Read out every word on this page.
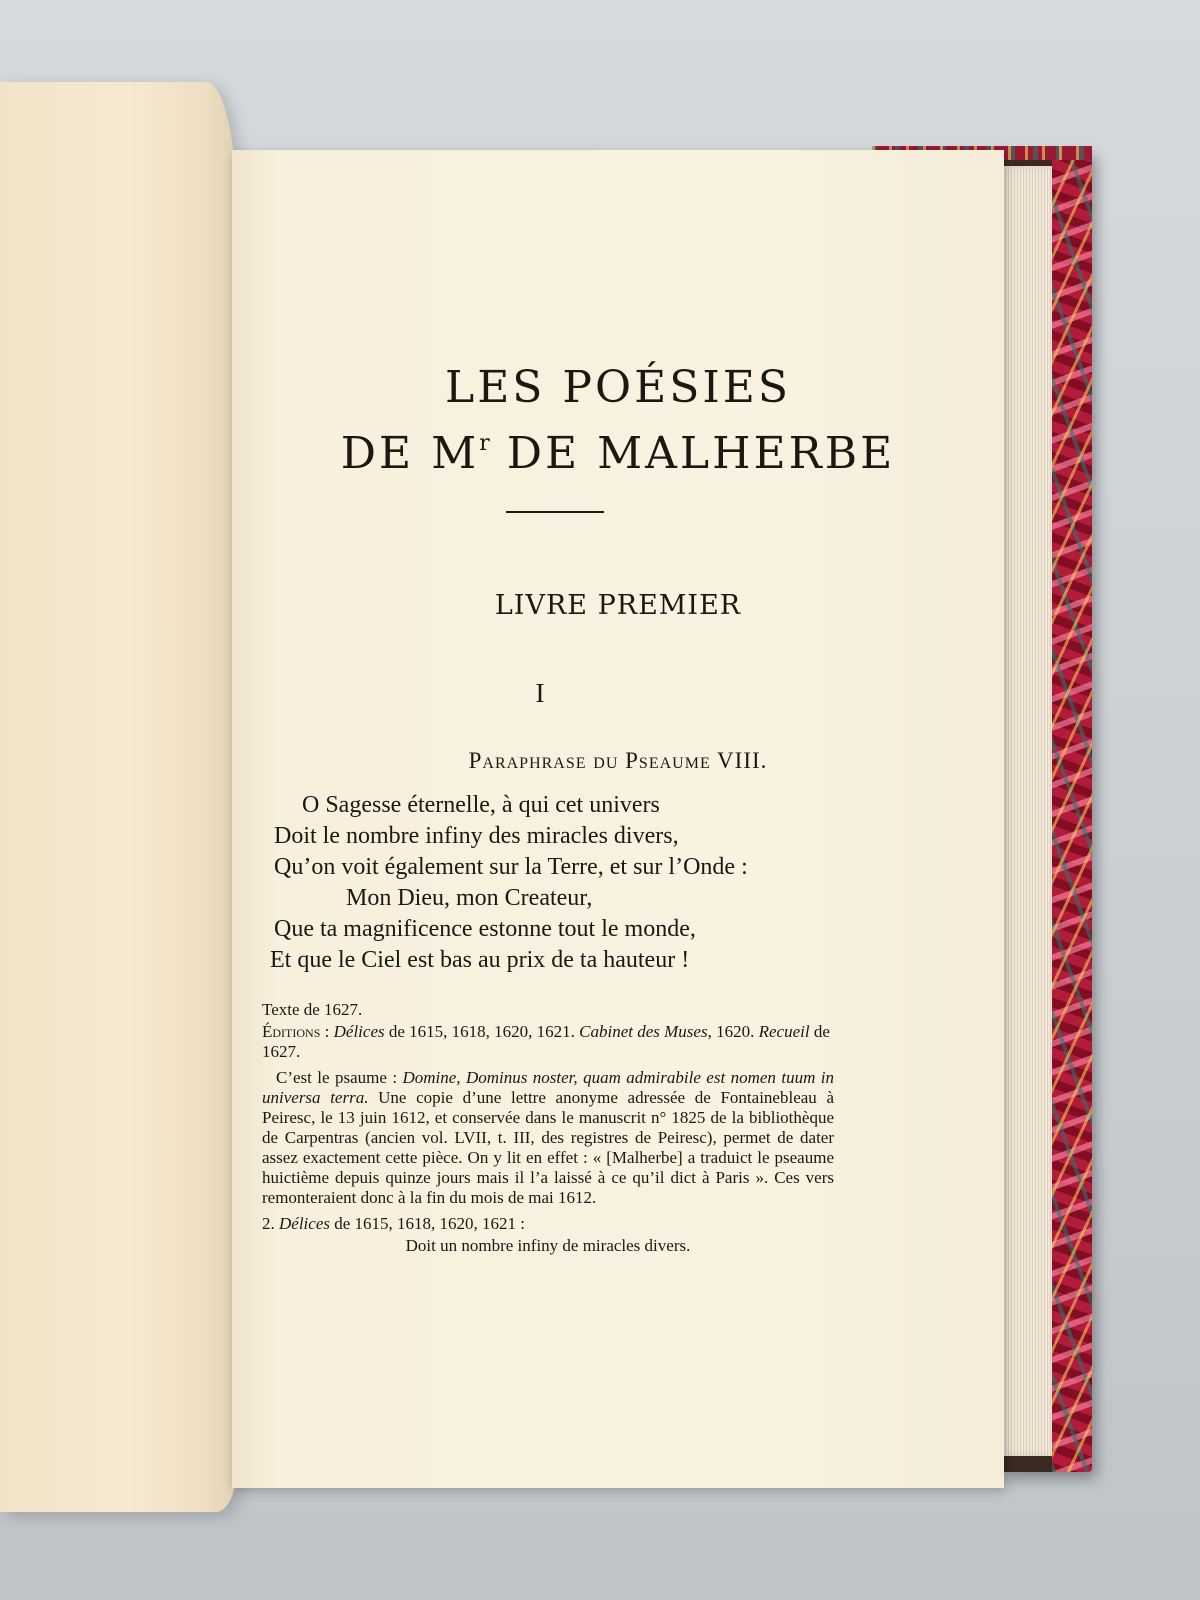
LES POÉSIES
DE $M^r$ DE MALHERBE
LIVRE PREMIER
I
Paraphrase du Pseaume VIII.
O Sagesse éternelle, à qui cet univers
Doit le nombre infiny des miracles divers,
Qu’on voit également sur la Terre, et sur l’Onde :
Mon Dieu, mon Createur,
Que ta magnificence estonne tout le monde,
Et que le Ciel est bas au prix de ta hauteur !

Texte de 1627.

Éditions : Délices de 1615, 1618, 1620, 1621. Cabinet des Muses, 1620. Recueil de 1627.

C’est le psaume : Domine, Dominus noster, quam admirabile est nomen tuum in universa terra. Une copie d’une lettre anonyme adressée de Fontainebleau à Peiresc, le 13 juin 1612, et conservée dans le manuscrit n° 1825 de la bibliothèque de Carpentras (ancien vol. LVII, t. III, des registres de Peiresc), permet de dater assez exactement cette pièce. On y lit en effet : « [Malherbe] a traduict le pseaume huictième depuis quinze jours mais il l’a laissé à ce qu’il dict à Paris ». Ces vers remonteraient donc à la fin du mois de mai 1612.

2. Délices de 1615, 1618, 1620, 1621 :
Doit un nombre infiny de miracles divers.
